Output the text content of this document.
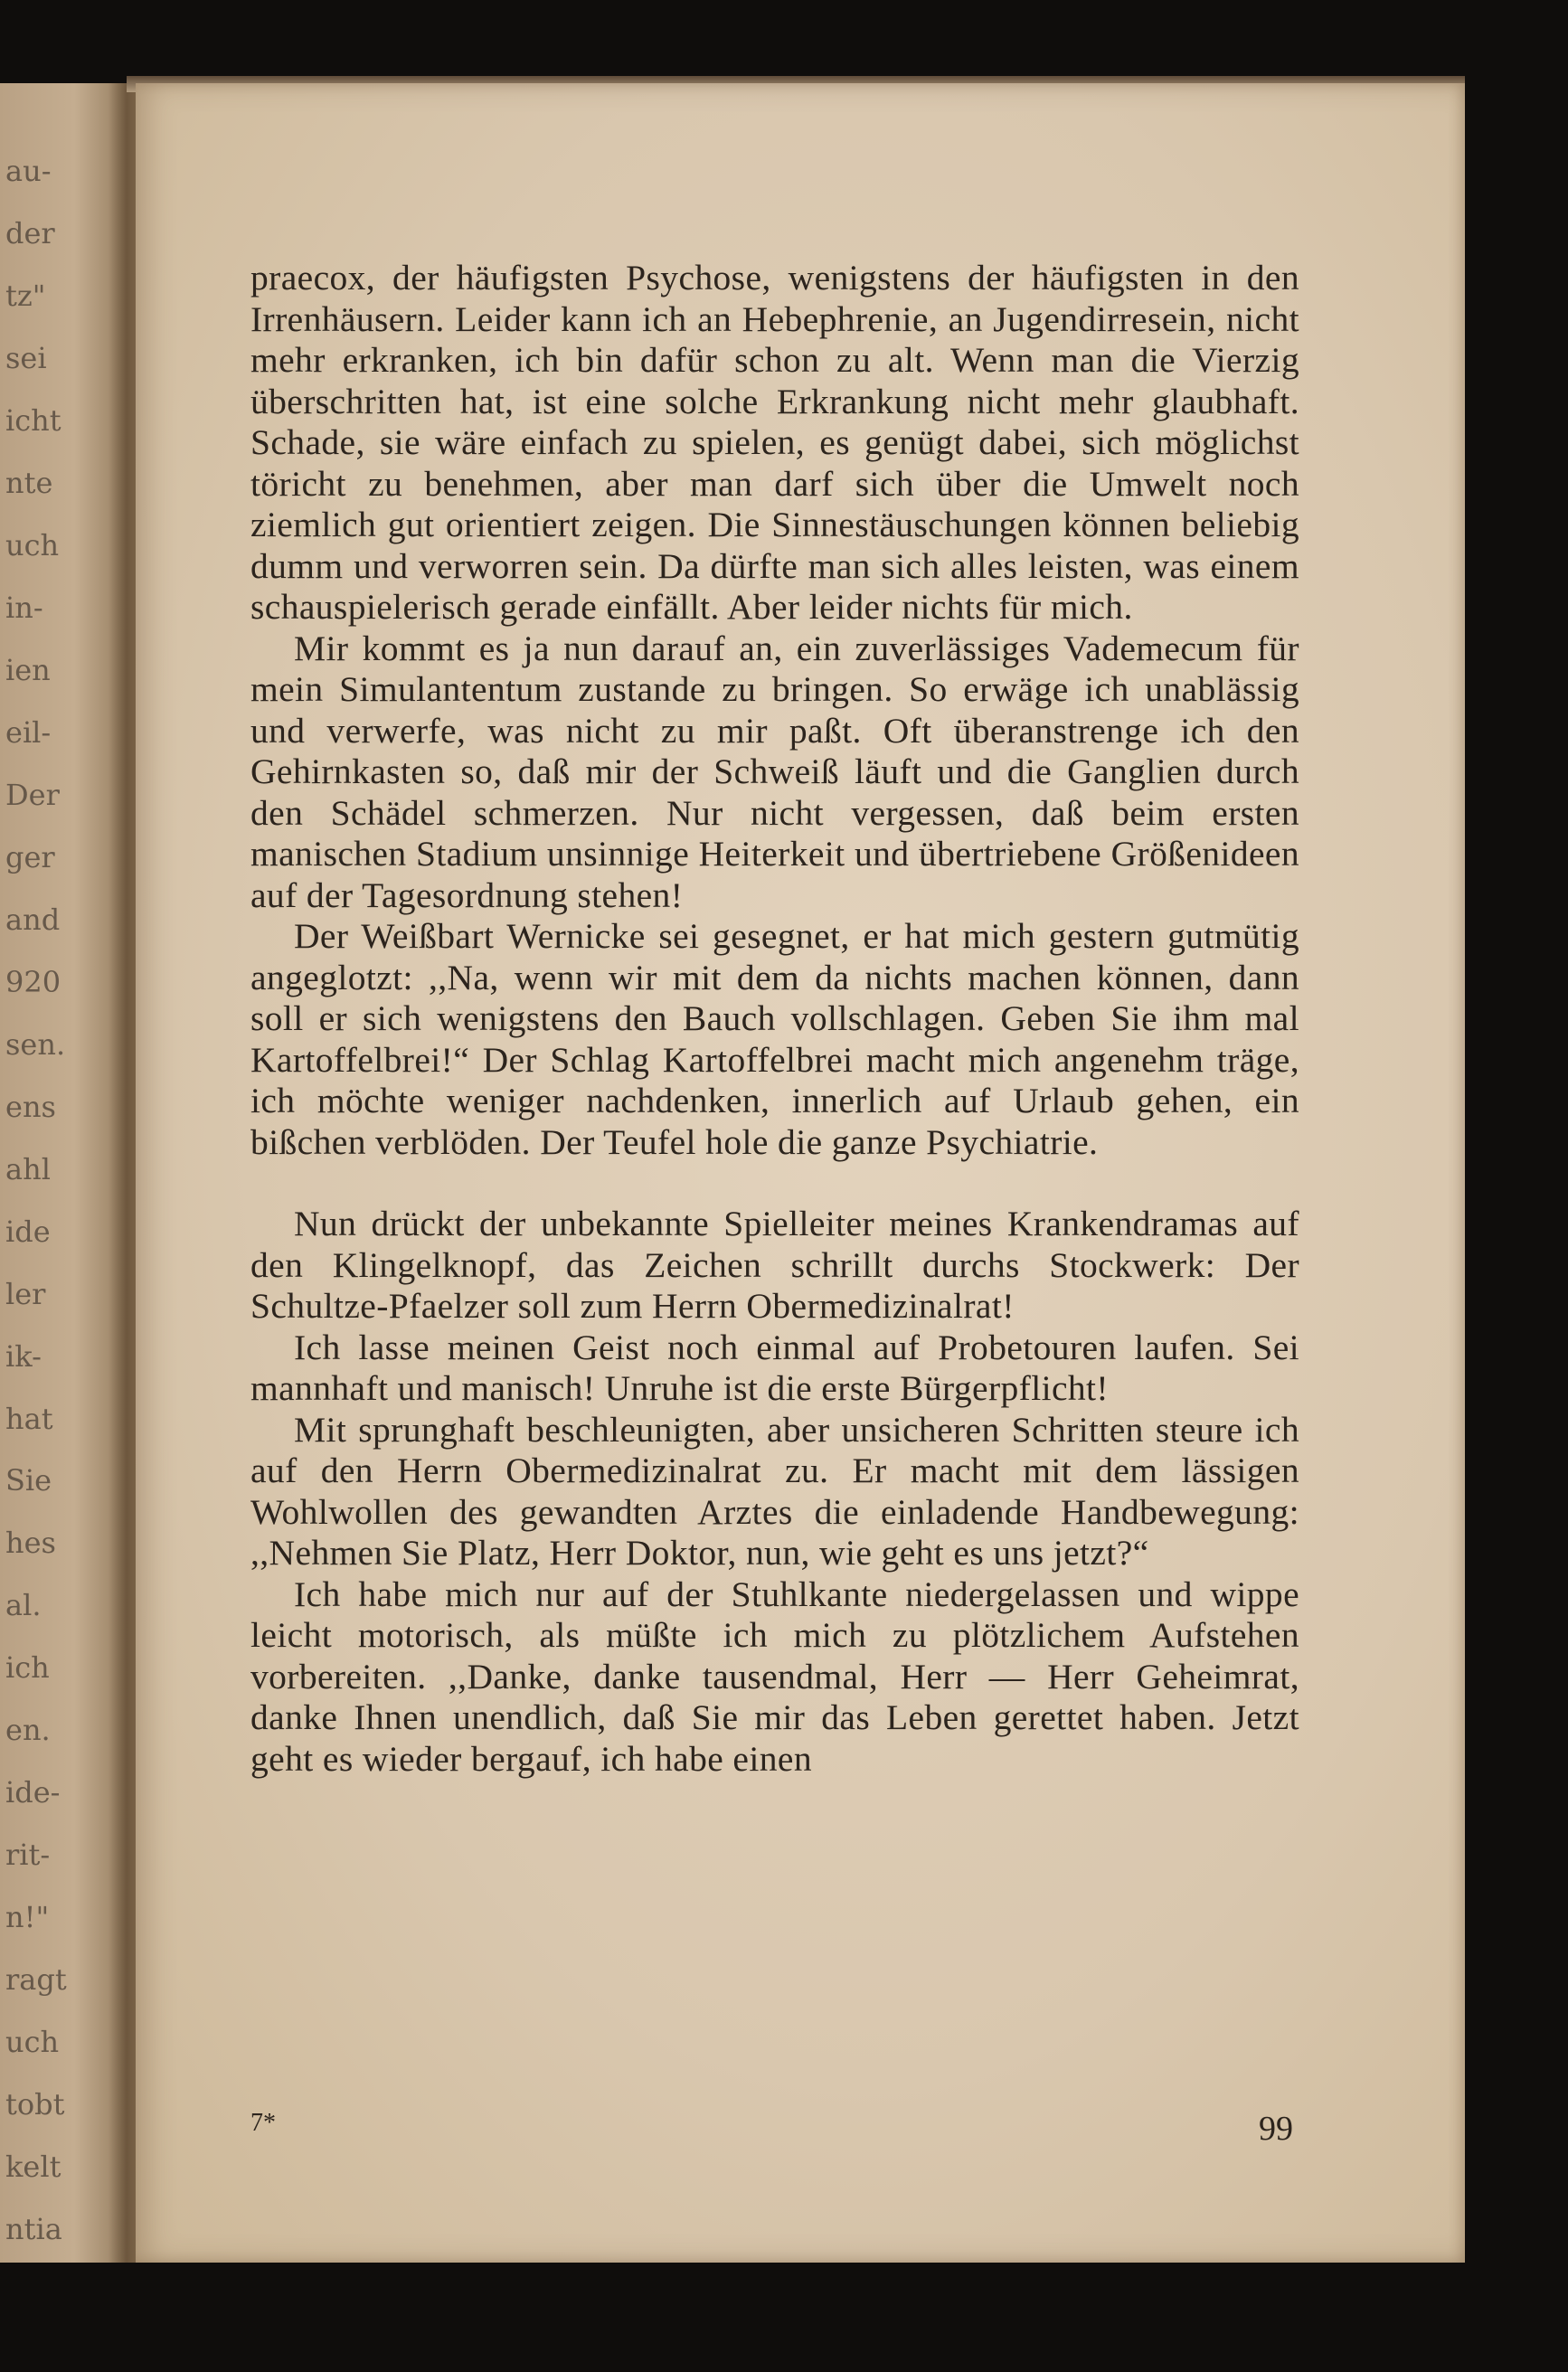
au-
der
tz"
sei
icht
nte
uch
in-
ien
eil-
Der
ger
and
920
sen.
ens
ahl
ide
ler
ik-
hat
Sie
hes
al.
ich
en.
ide-
rit-
n!"
ragt
uch
tobt
kelt
ntia

praecox, der häufigsten Psychose, wenigstens der häufigsten in den Irrenhäusern. Leider kann ich an Hebephrenie, an Jugendirresein, nicht mehr erkranken, ich bin dafür schon zu alt. Wenn man die Vierzig überschritten hat, ist eine solche Erkrankung nicht mehr glaubhaft. Schade, sie wäre einfach zu spielen, es genügt dabei, sich möglichst töricht zu benehmen, aber man darf sich über die Umwelt noch ziemlich gut orientiert zeigen. Die Sinnestäuschungen können beliebig dumm und verworren sein. Da dürfte man sich alles leisten, was einem schauspielerisch gerade einfällt. Aber leider nichts für mich.

Mir kommt es ja nun darauf an, ein zuverlässiges Vademecum für mein Simulantentum zustande zu bringen. So erwäge ich unablässig und verwerfe, was nicht zu mir paßt. Oft überanstrenge ich den Gehirnkasten so, daß mir der Schweiß läuft und die Ganglien durch den Schädel schmerzen. Nur nicht vergessen, daß beim ersten manischen Stadium unsinnige Heiterkeit und übertriebene Größenideen auf der Tagesordnung stehen!

Der Weißbart Wernicke sei gesegnet, er hat mich gestern gutmütig angeglotzt: ,,Na, wenn wir mit dem da nichts machen können, dann soll er sich wenigstens den Bauch vollschlagen. Geben Sie ihm mal Kartoffelbrei!“ Der Schlag Kartoffelbrei macht mich angenehm träge, ich möchte weniger nachdenken, innerlich auf Urlaub gehen, ein bißchen verblöden. Der Teufel hole die ganze Psychiatrie.

Nun drückt der unbekannte Spielleiter meines Krankendramas auf den Klingelknopf, das Zeichen schrillt durchs Stockwerk: Der Schultze-Pfaelzer soll zum Herrn Obermedizinalrat!

Ich lasse meinen Geist noch einmal auf Probetouren laufen. Sei mannhaft und manisch! Unruhe ist die erste Bürgerpflicht!

Mit sprunghaft beschleunigten, aber unsicheren Schritten steure ich auf den Herrn Obermedizinalrat zu. Er macht mit dem lässigen Wohlwollen des gewandten Arztes die einladende Handbewegung: ,,Nehmen Sie Platz, Herr Doktor, nun, wie geht es uns jetzt?“

Ich habe mich nur auf der Stuhlkante niedergelassen und wippe leicht motorisch, als müßte ich mich zu plötzlichem Aufstehen vorbereiten. ,,Danke, danke tausendmal, Herr — Herr Geheimrat, danke Ihnen unendlich, daß Sie mir das Leben gerettet haben. Jetzt geht es wieder bergauf, ich habe einen

7*	99
